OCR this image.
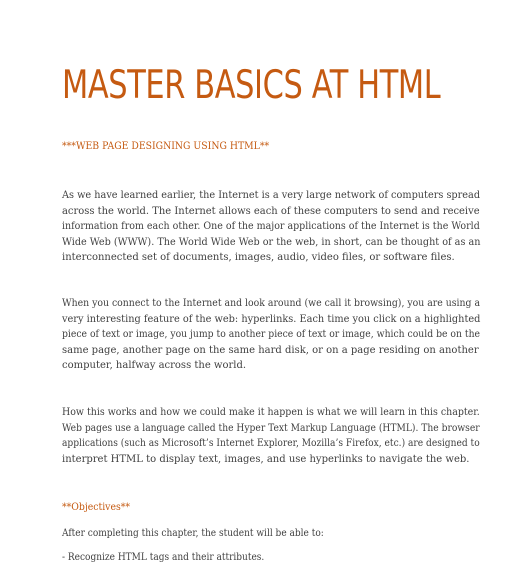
MASTER BASICS AT HTML
***WEB PAGE DESIGNING USING HTML**
As we have learned earlier, the Internet is a very large network of computers spread
across the world. The Internet allows each of these computers to send and receive
information from each other. One of the major applications of the Internet is the World
Wide Web (WWW). The World Wide Web or the web, in short, can be thought of as an
interconnected set of documents, images, audio, video files, or software files.
When you connect to the Internet and look around (we call it browsing), you are using a
very interesting feature of the web: hyperlinks. Each time you click on a highlighted
piece of text or image, you jump to another piece of text or image, which could be on the
same page, another page on the same hard disk, or on a page residing on another
computer, halfway across the world.
How this works and how we could make it happen is what we will learn in this chapter.
Web pages use a language called the Hyper Text Markup Language (HTML). The browser
applications (such as Microsoft’s Internet Explorer, Mozilla’s Firefox, etc.) are designed to
interpret HTML to display text, images, and use hyperlinks to navigate the web.
**Objectives**
After completing this chapter, the student will be able to:
- Recognize HTML tags and their attributes.
